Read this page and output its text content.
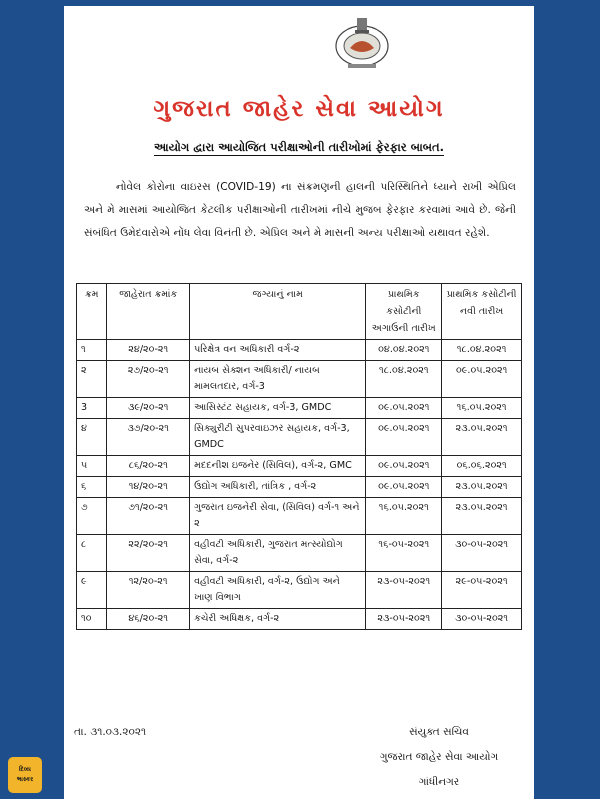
ગુજરાત જાહેર સેવા આયોગ
આયોગ દ્વારા આયોજિત પરીક્ષાઓની તારીખોમાં ફેરફાર બાબત.
નોવેલ કોરોના વાઇરસ (COVID-19) ના સંક્રમણની હાલની પરિસ્થિતિને ધ્યાને રાખી એપ્રિલ અને મે માસમાં આયોજિત કેટલીક પરીક્ષાઓની તારીખમાં નીચે મુજબ ફેરફાર કરવામાં આવે છે. જેની સંબંધિત ઉમેદવારોએ નોંધ લેવા વિનંતી છે. એપ્રિલ અને મે માસની અન્ય પરીક્ષાઓ યથાવત રહેશે.
ક્રમ	જાહેરાત ક્રમાંક	જગ્યાનું નામ	પ્રાથમિક કસોટીની અગાઉની તારીખ	પ્રાથમિક કસોટીની નવી તારીખ
૧	૨૪/૨૦-૨૧	પરિક્ષેત્ર વન અધિકારી વર્ગ-૨	૦૪.૦૪.૨૦૨૧	૧૮.૦૪.૨૦૨૧
૨	૨૭/૨૦-૨૧	નાયબ સેક્શન અધિકારી/ નાયબ મામલતદાર, વર્ગ-3	૧૮.૦૪.૨૦૨૧	૦૯.૦૫.૨૦૨૧
3	૩૯/૨૦-૨૧	આસિસ્ટંટ સહાયક, વર્ગ-3, GMDC	૦૯.૦૫.૨૦૨૧	૧૬.૦૫.૨૦૨૧
૪	૩૭/૨૦-૨૧	સિક્યુરીટી સુપરવાઇઝર સહાયક, વર્ગ-3, GMDC	૦૯.૦૫.૨૦૨૧	૨૩.૦૫.૨૦૨૧
૫	૮૬/૨૦-૨૧	મદદનીશ ઇજનેર (સિવિલ), વર્ગ-૨, GMC	૦૯.૦૫.૨૦૨૧	૦૬.૦૬.૨૦૨૧
૬	૧૪/૨૦-૨૧	ઉદ્યોગ અધિકારી, તાંત્રિક , વર્ગ-૨	૦૯.૦૫.૨૦૨૧	૨૩.૦૫.૨૦૨૧
૭	૭૧/૨૦-૨૧	ગુજરાત ઇજનેરી સેવા, (સિવિલ) વર્ગ-૧ અને ૨	૧૬.૦૫.૨૦૨૧	૨૩.૦૫.૨૦૨૧
૮	૨૨/૨૦-૨૧	વહીવટી અધિકારી, ગુજરાત મત્સ્યોદ્યોગ સેવા, વર્ગ-૨	૧૬-૦૫-૨૦૨૧	૩૦-૦૫-૨૦૨૧
૯	૧૨/૨૦-૨૧	વહીવટી અધિકારી, વર્ગ-૨, ઉદ્યોગ અને ખાણ વિભાગ	૨૩-૦૫-૨૦૨૧	૨૯-૦૫-૨૦૨૧
૧૦	૪૬/૨૦-૨૧	કચેરી અધિક્ષક, વર્ગ-૨	૨૩-૦૫-૨૦૨૧	૩૦-૦૫-૨૦૨૧
તા. ૩૧.૦૩.૨૦૨૧	સંયુક્ત સચિવ
ગુજરાત જાહેર સેવા આયોગ
ગાંધીનગર
દિવ્ય
ભાસ્કર
